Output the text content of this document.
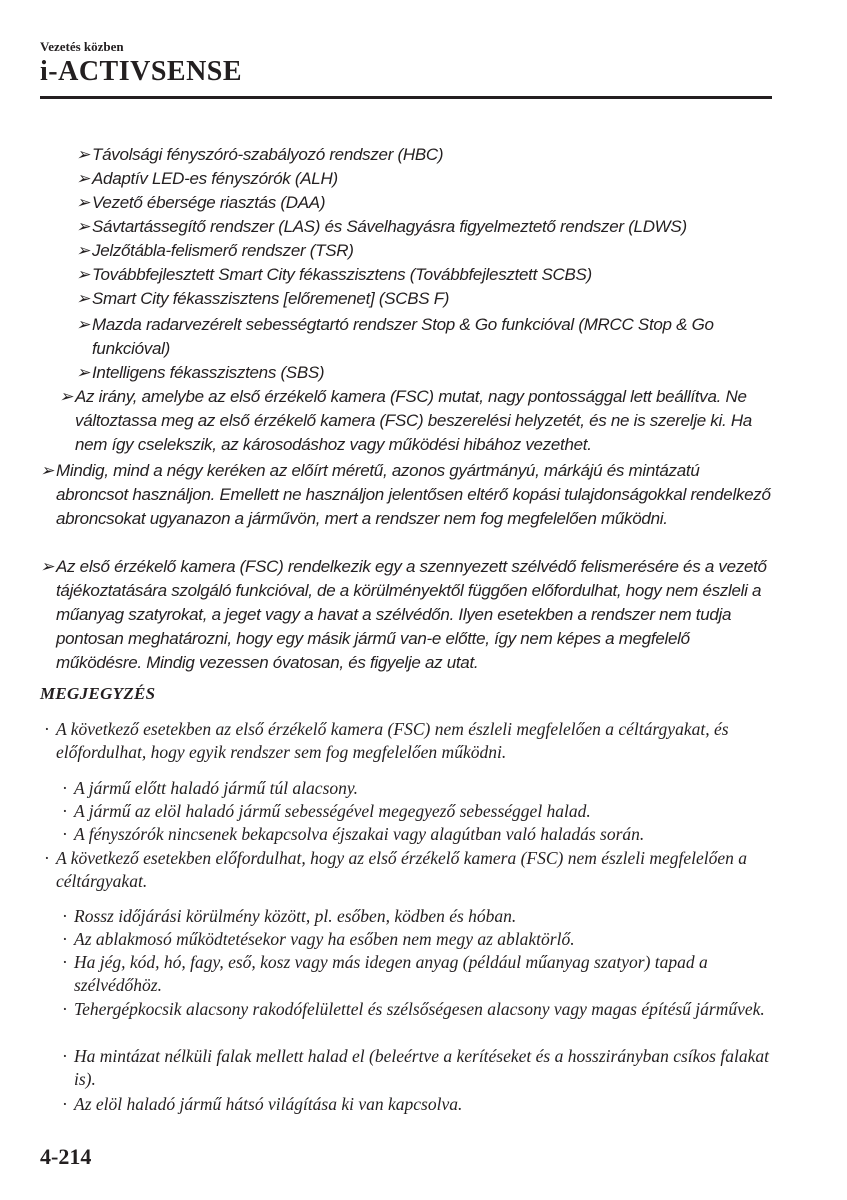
Vezetés közben
i-ACTIVSENSE
➢ Távolsági fényszóró-szabályozó rendszer (HBC)
➢ Adaptív LED-es fényszórók (ALH)
➢ Vezető ébersége riasztás (DAA)
➢ Sávtartássegítő rendszer (LAS) és Sávelhagyásra figyelmeztető rendszer (LDWS)
➢ Jelzőtábla-felismerő rendszer (TSR)
➢ Továbbfejlesztett Smart City fékasszisztens (Továbbfejlesztett SCBS)
➢ Smart City fékasszisztens [előremenet] (SCBS F)
➢ Mazda radarvezérelt sebességtartó rendszer Stop & Go funkcióval (MRCC Stop & Go funkcióval)
➢ Intelligens fékasszisztens (SBS)
➢ Az irány, amelybe az első érzékelő kamera (FSC) mutat, nagy pontossággal lett beállítva. Ne változtassa meg az első érzékelő kamera (FSC) beszerelési helyzetét, és ne is szerelje ki. Ha nem így cselekszik, az károsodáshoz vagy működési hibához vezethet.
➢ Mindig, mind a négy keréken az előírt méretű, azonos gyártmányú, márkájú és mintázatú abroncsot használjon. Emellett ne használjon jelentősen eltérő kopási tulajdonságokkal rendelkező abroncsokat ugyanazon a járművön, mert a rendszer nem fog megfelelően működni.
➢ Az első érzékelő kamera (FSC) rendelkezik egy a szennyezett szélvédő felismerésére és a vezető tájékoztatására szolgáló funkcióval, de a körülményektől függően előfordulhat, hogy nem észleli a műanyag szatyrokat, a jeget vagy a havat a szélvédőn. Ilyen esetekben a rendszer nem tudja pontosan meghatározni, hogy egy másik jármű van-e előtte, így nem képes a megfelelő működésre. Mindig vezessen óvatosan, és figyelje az utat.
MEGJEGYZÉS
· A következő esetekben az első érzékelő kamera (FSC) nem észleli megfelelően a céltárgyakat, és előfordulhat, hogy egyik rendszer sem fog megfelelően működni.
· A jármű előtt haladó jármű túl alacsony.
· A jármű az elöl haladó jármű sebességével megegyező sebességgel halad.
· A fényszórók nincsenek bekapcsolva éjszakai vagy alagútban való haladás során.
· A következő esetekben előfordulhat, hogy az első érzékelő kamera (FSC) nem észleli megfelelően a céltárgyakat.
· Rossz időjárási körülmény között, pl. esőben, ködben és hóban.
· Az ablakmosó működtetésekor vagy ha esőben nem megy az ablaktörlő.
· Ha jég, kód, hó, fagy, eső, kosz vagy más idegen anyag (például műanyag szatyor) tapad a szélvédőhöz.
· Tehergépkocsik alacsony rakodófelülettel és szélsőségesen alacsony vagy magas építésű járművek.
· Ha mintázat nélküli falak mellett halad el (beleértve a kerítéseket és a hosszirányban csíkos falakat is).
· Az elöl haladó jármű hátsó világítása ki van kapcsolva.
4-214
